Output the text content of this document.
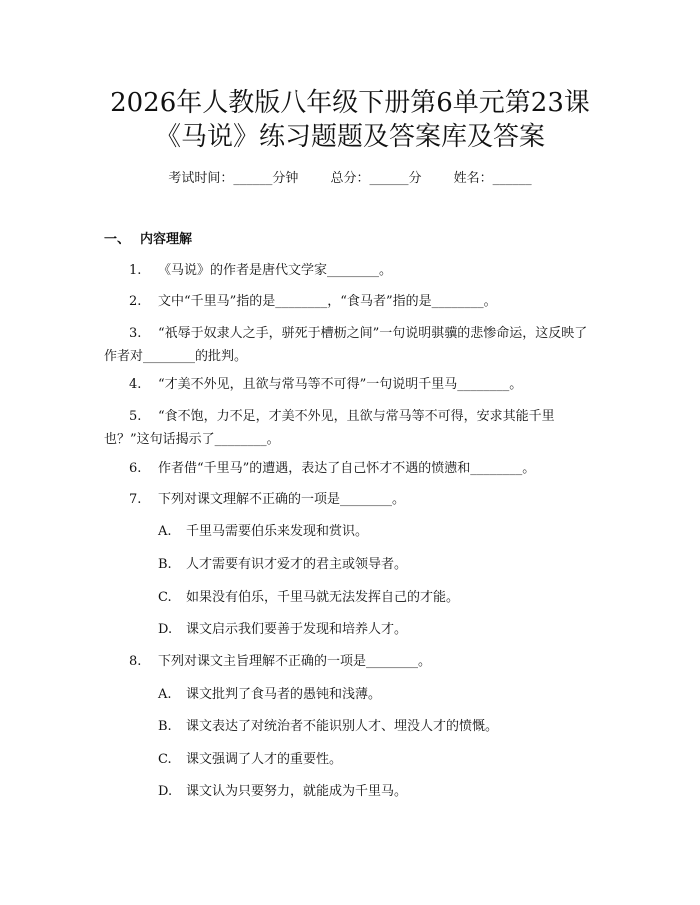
2026年人教版八年级下册第6单元第23课
《马说》练习题题及答案库及答案
考试时间：______分钟 总分：______分 姓名：______
一、 内容理解
1.	《马说》的作者是唐代文学家________。
2.	文中“千里马”指的是________，“食马者”指的是________。
3.	“祇辱于奴隶人之手，骈死于槽枥之间”一句说明骐骥的悲惨命运，这反映了作者对________的批判。
4.	“才美不外见，且欲与常马等不可得”一句说明千里马________。
5.	“食不饱，力不足，才美不外见，且欲与常马等不可得，安求其能千里也？”这句话揭示了________。
6.	作者借“千里马”的遭遇，表达了自己怀才不遇的愤懑和________。
7.	下列对课文理解不正确的一项是________。
A. 千里马需要伯乐来发现和赏识。
B. 人才需要有识才爱才的君主或领导者。
C. 如果没有伯乐，千里马就无法发挥自己的才能。
D. 课文启示我们要善于发现和培养人才。
8.	下列对课文主旨理解不正确的一项是________。
A. 课文批判了食马者的愚钝和浅薄。
B. 课文表达了对统治者不能识别人才、埋没人才的愤慨。
C. 课文强调了人才的重要性。
D. 课文认为只要努力，就能成为千里马。
